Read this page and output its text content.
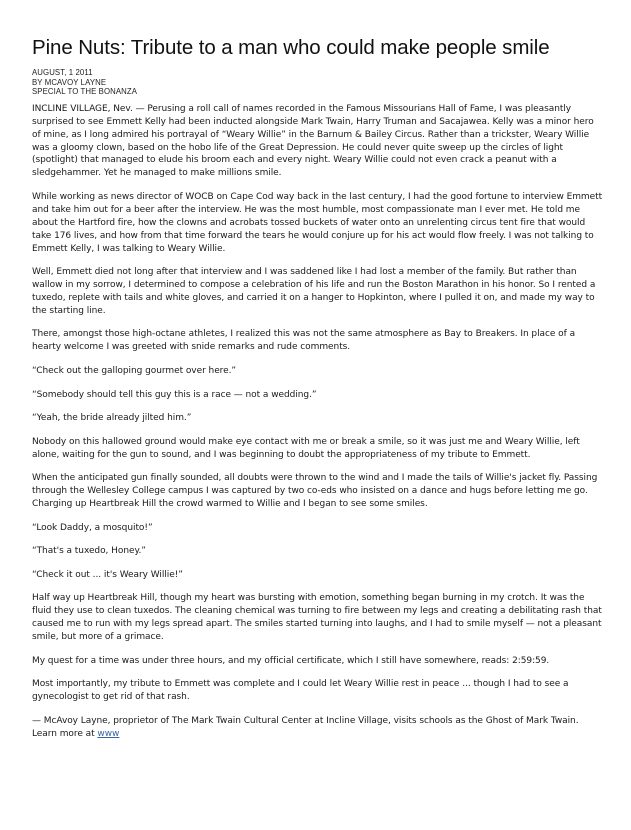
Pine Nuts: Tribute to a man who could make people smile
AUGUST, 1 2011
BY MCAVOY LAYNE
SPECIAL TO THE BONANZA

INCLINE VILLAGE, Nev. — Perusing a roll call of names recorded in the Famous Missourians Hall of Fame, I was pleasantly surprised to see Emmett Kelly had been inducted alongside Mark Twain, Harry Truman and Sacajawea. Kelly was a minor hero of mine, as I long admired his portrayal of “Weary Willie” in the Barnum & Bailey Circus. Rather than a trickster, Weary Willie was a gloomy clown, based on the hobo life of the Great Depression. He could never quite sweep up the circles of light (spotlight) that managed to elude his broom each and every night. Weary Willie could not even crack a peanut with a sledgehammer. Yet he managed to make millions smile.

While working as news director of WOCB on Cape Cod way back in the last century, I had the good fortune to interview Emmett and take him out for a beer after the interview. He was the most humble, most compassionate man I ever met. He told me about the Hartford fire, how the clowns and acrobats tossed buckets of water onto an unrelenting circus tent fire that would take 176 lives, and how from that time forward the tears he would conjure up for his act would flow freely. I was not talking to Emmett Kelly, I was talking to Weary Willie.

Well, Emmett died not long after that interview and I was saddened like I had lost a member of the family. But rather than wallow in my sorrow, I determined to compose a celebration of his life and run the Boston Marathon in his honor. So I rented a tuxedo, replete with tails and white gloves, and carried it on a hanger to Hopkinton, where I pulled it on, and made my way to the starting line.

There, amongst those high-octane athletes, I realized this was not the same atmosphere as Bay to Breakers. In place of a hearty welcome I was greeted with snide remarks and rude comments.

“Check out the galloping gourmet over here.”

“Somebody should tell this guy this is a race — not a wedding.”

“Yeah, the bride already jilted him.”

Nobody on this hallowed ground would make eye contact with me or break a smile, so it was just me and Weary Willie, left alone, waiting for the gun to sound, and I was beginning to doubt the appropriateness of my tribute to Emmett.

When the anticipated gun finally sounded, all doubts were thrown to the wind and I made the tails of Willie's jacket fly. Passing through the Wellesley College campus I was captured by two co-eds who insisted on a dance and hugs before letting me go. Charging up Heartbreak Hill the crowd warmed to Willie and I began to see some smiles.

“Look Daddy, a mosquito!”

“That's a tuxedo, Honey.”

“Check it out ... it's Weary Willie!”

Half way up Heartbreak Hill, though my heart was bursting with emotion, something began burning in my crotch. It was the fluid they use to clean tuxedos. The cleaning chemical was turning to fire between my legs and creating a debilitating rash that caused me to run with my legs spread apart. The smiles started turning into laughs, and I had to smile myself — not a pleasant smile, but more of a grimace.

My quest for a time was under three hours, and my official certificate, which I still have somewhere, reads: 2:59:59.

Most importantly, my tribute to Emmett was complete and I could let Weary Willie rest in peace ... though I had to see a gynecologist to get rid of that rash.

— McAvoy Layne, proprietor of The Mark Twain Cultural Center at Incline Village, visits schools as the Ghost of Mark Twain. Learn more at www
